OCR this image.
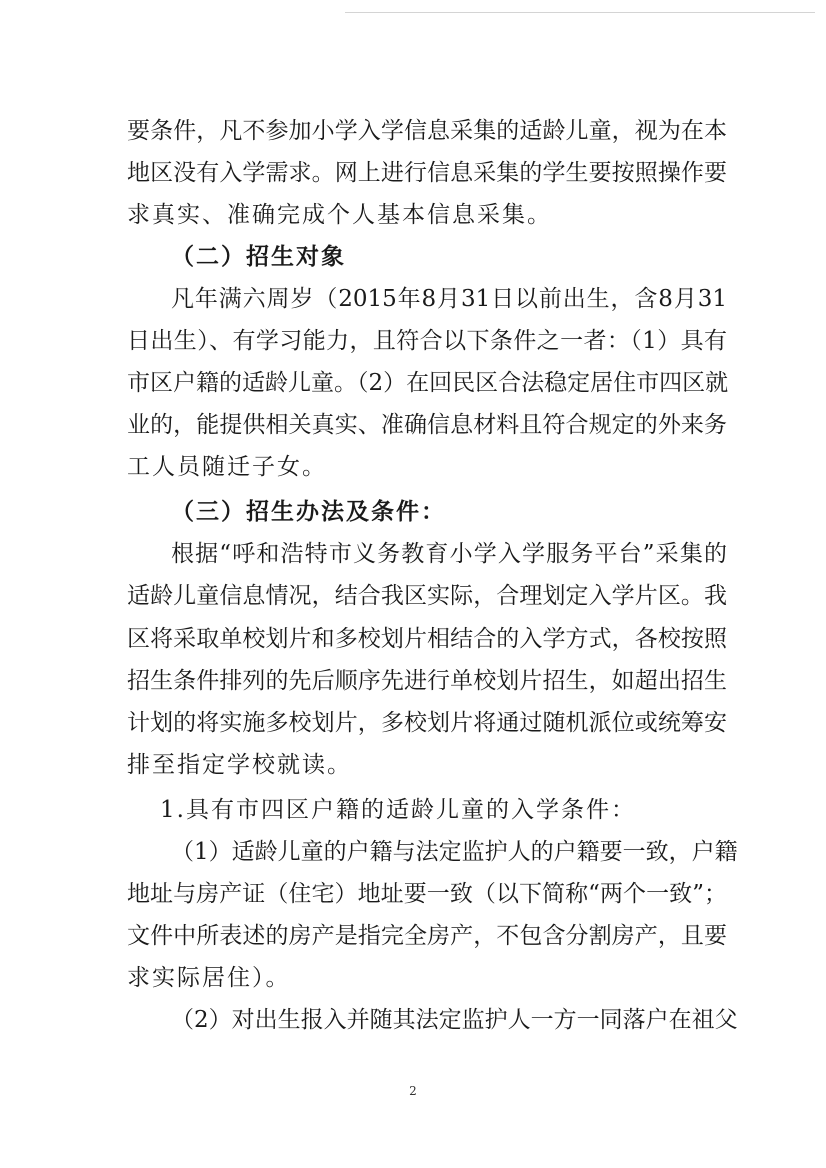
要条件，凡不参加小学入学信息采集的适龄儿童，视为在本
地区没有入学需求。网上进行信息采集的学生要按照操作要
求真实、准确完成个人基本信息采集。
（二）招生对象
凡年满六周岁（2015年8月31日以前出生，含8月31
日出生）、有学习能力，且符合以下条件之一者：（1）具有
市区户籍的适龄儿童。（2）在回民区合法稳定居住市四区就
业的，能提供相关真实、准确信息材料且符合规定的外来务
工人员随迁子女。
（三）招生办法及条件：
根据“呼和浩特市义务教育小学入学服务平台”采集的
适龄儿童信息情况，结合我区实际，合理划定入学片区。我
区将采取单校划片和多校划片相结合的入学方式，各校按照
招生条件排列的先后顺序先进行单校划片招生，如超出招生
计划的将实施多校划片，多校划片将通过随机派位或统筹安
排至指定学校就读。
1.具有市四区户籍的适龄儿童的入学条件：
（1）适龄儿童的户籍与法定监护人的户籍要一致，户籍
地址与房产证（住宅）地址要一致（以下简称“两个一致”；
文件中所表述的房产是指完全房产，不包含分割房产，且要
求实际居住）。
（2）对出生报入并随其法定监护人一方一同落户在祖父
2
